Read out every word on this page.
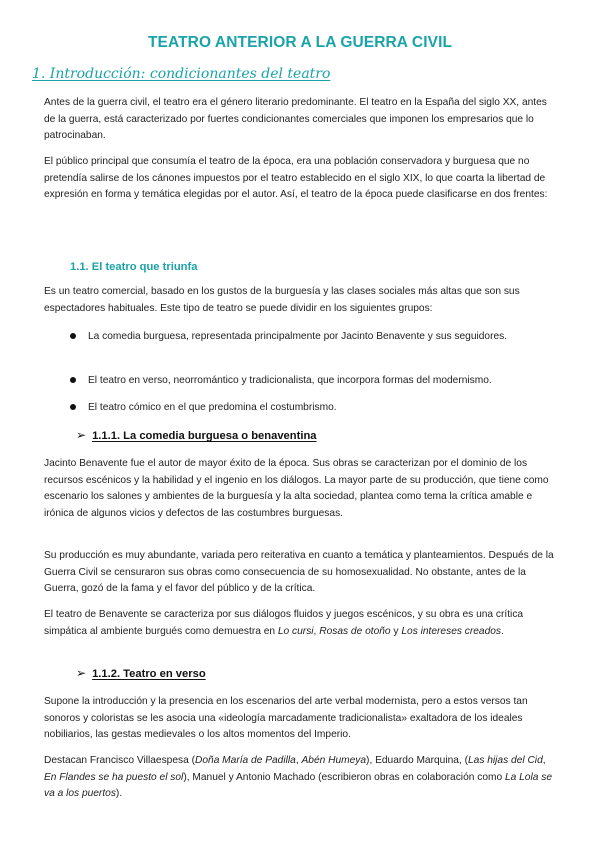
TEATRO ANTERIOR A LA GUERRA CIVIL
1. Introducción: condicionantes del teatro

Antes de la guerra civil, el teatro era el género literario predominante. El teatro en la España del siglo XX, antes de la guerra, está caracterizado por fuertes condicionantes comerciales que imponen los empresarios que lo patrocinaban.

El público principal que consumía el teatro de la época, era una población conservadora y burguesa que no pretendía salirse de los cánones impuestos por el teatro establecido en el siglo XIX, lo que coarta la libertad de expresión en forma y temática elegidas por el autor. Así, el teatro de la época puede clasificarse en dos frentes:

1.1. El teatro que triunfa

Es un teatro comercial, basado en los gustos de la burguesía y las clases sociales más altas que son sus espectadores habituales. Este tipo de teatro se puede dividir en los siguientes grupos:

La comedia burguesa, representada principalmente por Jacinto Benavente y sus seguidores.
El teatro en verso, neorromántico y tradicionalista, que incorpora formas del modernismo.
El teatro cómico en el que predomina el costumbrismo.
➢ 1.1.1. La comedia burguesa o benaventina

Jacinto Benavente fue el autor de mayor éxito de la época. Sus obras se caracterizan por el dominio de los recursos escénicos y la habilidad y el ingenio en los diálogos. La mayor parte de su producción, que tiene como escenario los salones y ambientes de la burguesía y la alta sociedad, plantea como tema la crítica amable e irónica de algunos vicios y defectos de las costumbres burguesas.

Su producción es muy abundante, variada pero reiterativa en cuanto a temática y planteamientos. Después de la Guerra Civil se censuraron sus obras como consecuencia de su homosexualidad. No obstante, antes de la Guerra, gozó de la fama y el favor del público y de la crítica.

El teatro de Benavente se caracteriza por sus diálogos fluidos y juegos escénicos, y su obra es una crítica simpática al ambiente burgués como demuestra en Lo cursi, Rosas de otoño y Los intereses creados.

➢ 1.1.2. Teatro en verso

Supone la introducción y la presencia en los escenarios del arte verbal modernista, pero a estos versos tan sonoros y coloristas se les asocia una «ideología marcadamente tradicionalista» exaltadora de los ideales nobiliarios, las gestas medievales o los altos momentos del Imperio.

Destacan Francisco Villaespesa (Doña María de Padilla, Abén Humeya), Eduardo Marquina, (Las hijas del Cid, En Flandes se ha puesto el sol), Manuel y Antonio Machado (escribieron obras en colaboración como La Lola se va a los puertos).
